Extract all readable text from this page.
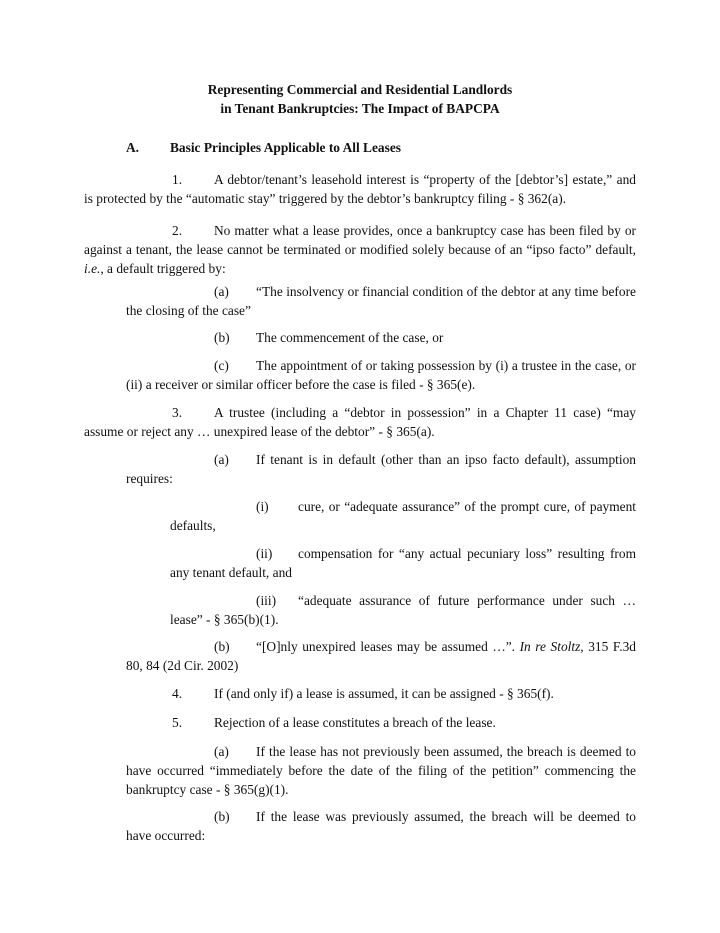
Representing Commercial and Residential Landlords
in Tenant Bankruptcies: The Impact of BAPCPA
A. Basic Principles Applicable to All Leases
1. A debtor/tenant’s leasehold interest is “property of the [debtor’s] estate,” and is protected by the “automatic stay” triggered by the debtor’s bankruptcy filing - § 362(a).
2. No matter what a lease provides, once a bankruptcy case has been filed by or against a tenant, the lease cannot be terminated or modified solely because of an “ipso facto” default, i.e., a default triggered by:
(a) “The insolvency or financial condition of the debtor at any time before the closing of the case”
(b) The commencement of the case, or
(c) The appointment of or taking possession by (i) a trustee in the case, or (ii) a receiver or similar officer before the case is filed - § 365(e).
3. A trustee (including a “debtor in possession” in a Chapter 11 case) “may assume or reject any … unexpired lease of the debtor” - § 365(a).
(a) If tenant is in default (other than an ipso facto default), assumption requires:
(i) cure, or “adequate assurance” of the prompt cure, of payment defaults,
(ii) compensation for “any actual pecuniary loss” resulting from any tenant default, and
(iii) “adequate assurance of future performance under such … lease” - § 365(b)(1).
(b) “[O]nly unexpired leases may be assumed …”. In re Stoltz, 315 F.3d 80, 84 (2d Cir. 2002)
4. If (and only if) a lease is assumed, it can be assigned - § 365(f).
5. Rejection of a lease constitutes a breach of the lease.
(a) If the lease has not previously been assumed, the breach is deemed to have occurred “immediately before the date of the filing of the petition” commencing the bankruptcy case - § 365(g)(1).
(b) If the lease was previously assumed, the breach will be deemed to have occurred:
